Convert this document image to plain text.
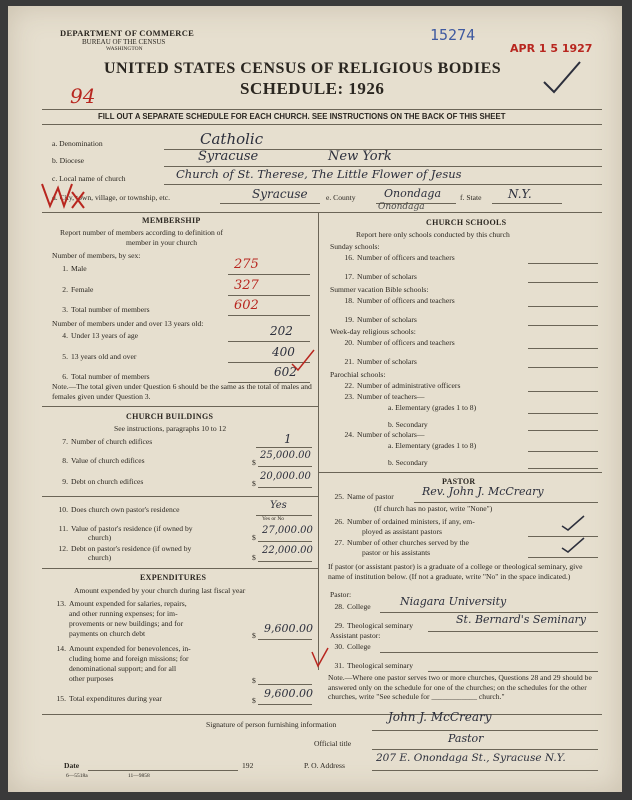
DEPARTMENT OF COMMERCE
BUREAU OF THE CENSUS
WASHINGTON
15274
APR 1 5 1927
UNITED STATES CENSUS OF RELIGIOUS BODIES
SCHEDULE: 1926
94
FILL OUT A SEPARATE SCHEDULE FOR EACH CHURCH. SEE INSTRUCTIONS ON THE BACK OF THIS SHEET
a. Denomination	Catholic
b. Diocese	Syracuse	New York
c. Local name of church	Church of St. Therese, The Little Flower of Jesus
d. City, town, village, or township, etc.	Syracuse e. County	Onondaga f. State N.Y.
Onondaga
MEMBERSHIP
Report number of members according to definition of
member in your church
Number of members, by sex:
1. Male	275
2. Female	327
3. Total number of members	602
Number of members under and over 13 years old:
4. Under 13 years of age	202
5. 13 years old and over	400
6. Total number of members	602
Note.—The total given under Question 6 should be the same as the total of males and females given under Question 3.
CHURCH BUILDINGS
See instructions, paragraphs 10 to 12
7. Number of church edifices	1
8. Value of church edifices	$
25,000.00
9. Debt on church edifices	$
20,000.00
10. Does church own pastor's residence	Yes
Yes or No
11. Value of pastor's residence (if owned by
church)	$
27,000.00
12. Debt on pastor's residence (if owned by
church)	$
22,000.00
EXPENDITURES
Amount expended by your church during last fiscal year
13. Amount expended for salaries, repairs,
and other running expenses; for im-
provements or new buildings; and for
payments on church debt	$
9,600.00
14. Amount expended for benevolences, in-
cluding home and foreign missions; for
denominational support; and for all
other purposes	$
15. Total expenditures during year	$
9,600.00
CHURCH SCHOOLS
Report here only schools conducted by this church
Sunday schools:
16. Number of officers and teachers
17. Number of scholars
Summer vacation Bible schools:
18. Number of officers and teachers
19. Number of scholars
Week-day religious schools:
20. Number of officers and teachers
21. Number of scholars
Parochial schools:
22. Number of administrative officers
23. Number of teachers—
a. Elementary (grades 1 to 8)
b. Secondary
24. Number of scholars—
a. Elementary (grades 1 to 8)
b. Secondary
PASTOR
25. Name of pastor	Rev. John J. McCreary
(If church has no pastor, write "None")
26. Number of ordained ministers, if any, em-
ployed as assistant pastors
27. Number of other churches served by the
pastor or his assistants
If pastor (or assistant pastor) is a graduate of a college or theological seminary, give name of institution below. (If not a graduate, write "No" in the space indicated.)
Pastor:
28. College	Niagara University
29. Theological seminary	St. Bernard's Seminary
Assistant pastor:
30. College
31. Theological seminary
Note.—Where one pastor serves two or more churches, Questions 28 and 29 should be answered only on the schedule for one of the churches; on the schedules for the other churches, write "See schedule for ____________ church."
Signature of person furnishing information
John J. McCreary
Official title	Pastor
Date	192	P. O. Address
207 E. Onondaga St., Syracuse N.Y.
6—5518a	11—9858
